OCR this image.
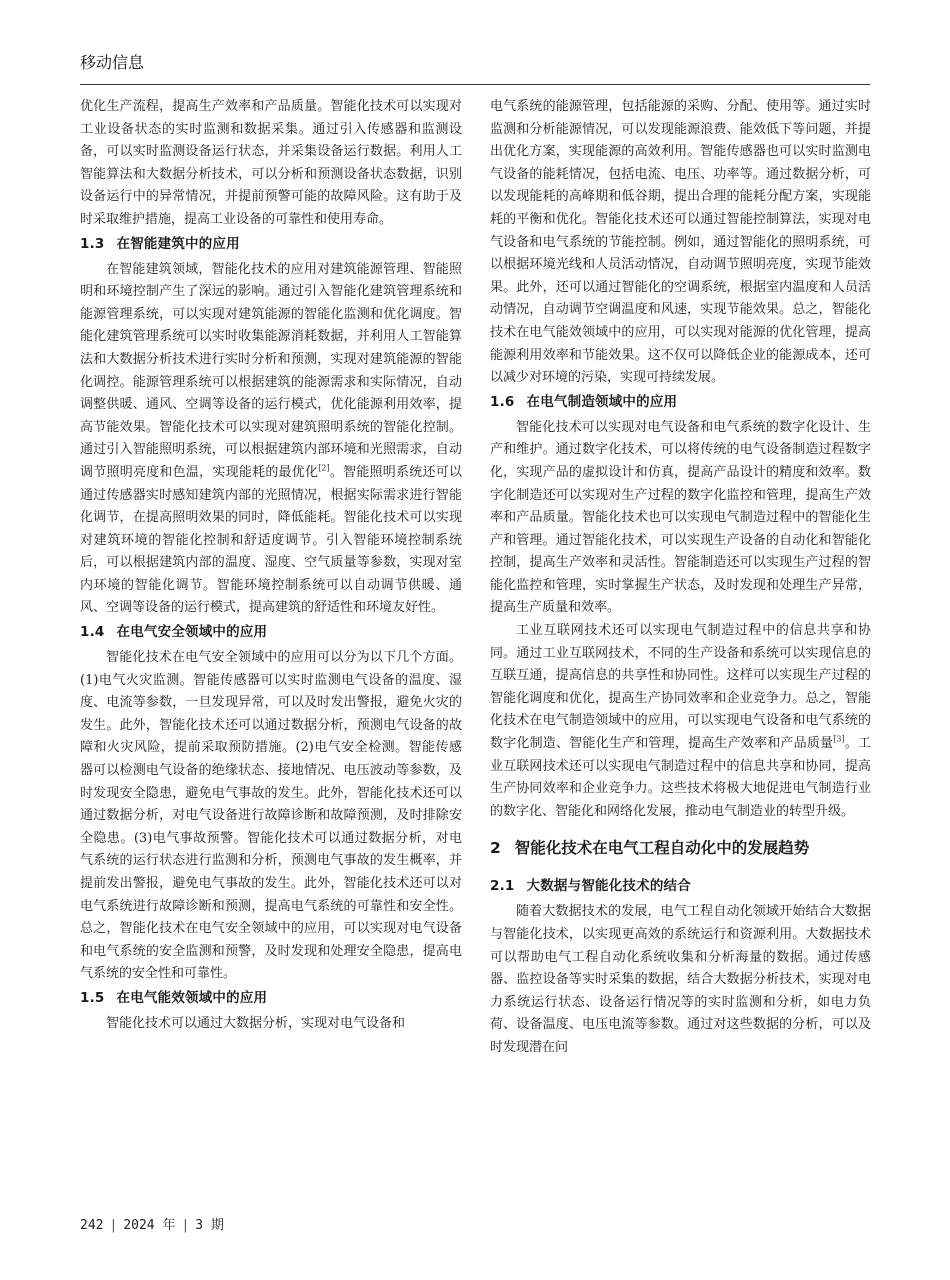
移动信息

优化生产流程，提高生产效率和产品质量。智能化技术可以实现对工业设备状态的实时监测和数据采集。通过引入传感器和监测设备，可以实时监测设备运行状态，并采集设备运行数据。利用人工智能算法和大数据分析技术，可以分析和预测设备状态数据，识别设备运行中的异常情况，并提前预警可能的故障风险。这有助于及时采取维护措施，提高工业设备的可靠性和使用寿命。

1.3 在智能建筑中的应用

在智能建筑领域，智能化技术的应用对建筑能源管理、智能照明和环境控制产生了深远的影响。通过引入智能化建筑管理系统和能源管理系统，可以实现对建筑能源的智能化监测和优化调度。智能化建筑管理系统可以实时收集能源消耗数据，并利用人工智能算法和大数据分析技术进行实时分析和预测，实现对建筑能源的智能化调控。能源管理系统可以根据建筑的能源需求和实际情况，自动调整供暖、通风、空调等设备的运行模式，优化能源利用效率，提高节能效果。智能化技术可以实现对建筑照明系统的智能化控制。通过引入智能照明系统，可以根据建筑内部环境和光照需求，自动调节照明亮度和色温，实现能耗的最优化[2]。智能照明系统还可以通过传感器实时感知建筑内部的光照情况，根据实际需求进行智能化调节，在提高照明效果的同时，降低能耗。智能化技术可以实现对建筑环境的智能化控制和舒适度调节。引入智能环境控制系统后，可以根据建筑内部的温度、湿度、空气质量等参数，实现对室内环境的智能化调节。智能环境控制系统可以自动调节供暖、通风、空调等设备的运行模式，提高建筑的舒适性和环境友好性。

1.4 在电气安全领域中的应用

智能化技术在电气安全领域中的应用可以分为以下几个方面。(1)电气火灾监测。智能传感器可以实时监测电气设备的温度、湿度、电流等参数，一旦发现异常，可以及时发出警报，避免火灾的发生。此外，智能化技术还可以通过数据分析，预测电气设备的故障和火灾风险，提前采取预防措施。(2)电气安全检测。智能传感器可以检测电气设备的绝缘状态、接地情况、电压波动等参数，及时发现安全隐患，避免电气事故的发生。此外，智能化技术还可以通过数据分析，对电气设备进行故障诊断和故障预测，及时排除安全隐患。(3)电气事故预警。智能化技术可以通过数据分析，对电气系统的运行状态进行监测和分析，预测电气事故的发生概率，并提前发出警报，避免电气事故的发生。此外，智能化技术还可以对电气系统进行故障诊断和预测，提高电气系统的可靠性和安全性。总之，智能化技术在电气安全领域中的应用，可以实现对电气设备和电气系统的安全监测和预警，及时发现和处理安全隐患，提高电气系统的安全性和可靠性。

1.5 在电气能效领域中的应用

智能化技术可以通过大数据分析，实现对电气设备和

电气系统的能源管理，包括能源的采购、分配、使用等。通过实时监测和分析能源情况，可以发现能源浪费、能效低下等问题，并提出优化方案，实现能源的高效利用。智能传感器也可以实时监测电气设备的能耗情况，包括电流、电压、功率等。通过数据分析，可以发现能耗的高峰期和低谷期，提出合理的能耗分配方案，实现能耗的平衡和优化。智能化技术还可以通过智能控制算法，实现对电气设备和电气系统的节能控制。例如，通过智能化的照明系统，可以根据环境光线和人员活动情况，自动调节照明亮度，实现节能效果。此外，还可以通过智能化的空调系统，根据室内温度和人员活动情况，自动调节空调温度和风速，实现节能效果。总之，智能化技术在电气能效领域中的应用，可以实现对能源的优化管理，提高能源利用效率和节能效果。这不仅可以降低企业的能源成本，还可以减少对环境的污染，实现可持续发展。

1.6 在电气制造领域中的应用

智能化技术可以实现对电气设备和电气系统的数字化设计、生产和维护。通过数字化技术，可以将传统的电气设备制造过程数字化，实现产品的虚拟设计和仿真，提高产品设计的精度和效率。数字化制造还可以实现对生产过程的数字化监控和管理，提高生产效率和产品质量。智能化技术也可以实现电气制造过程中的智能化生产和管理。通过智能化技术，可以实现生产设备的自动化和智能化控制，提高生产效率和灵活性。智能制造还可以实现生产过程的智能化监控和管理，实时掌握生产状态，及时发现和处理生产异常，提高生产质量和效率。

工业互联网技术还可以实现电气制造过程中的信息共享和协同。通过工业互联网技术，不同的生产设备和系统可以实现信息的互联互通，提高信息的共享性和协同性。这样可以实现生产过程的智能化调度和优化，提高生产协同效率和企业竞争力。总之，智能化技术在电气制造领域中的应用，可以实现电气设备和电气系统的数字化制造、智能化生产和管理，提高生产效率和产品质量[3]。工业互联网技术还可以实现电气制造过程中的信息共享和协同，提高生产协同效率和企业竞争力。这些技术将极大地促进电气制造行业的数字化、智能化和网络化发展，推动电气制造业的转型升级。

2 智能化技术在电气工程自动化中的发展趋势
2.1 大数据与智能化技术的结合

随着大数据技术的发展，电气工程自动化领域开始结合大数据与智能化技术，以实现更高效的系统运行和资源利用。大数据技术可以帮助电气工程自动化系统收集和分析海量的数据。通过传感器、监控设备等实时采集的数据，结合大数据分析技术，实现对电力系统运行状态、设备运行情况等的实时监测和分析，如电力负荷、设备温度、电压电流等参数。通过对这些数据的分析，可以及时发现潜在问

242 | 2024 年 | 3 期
